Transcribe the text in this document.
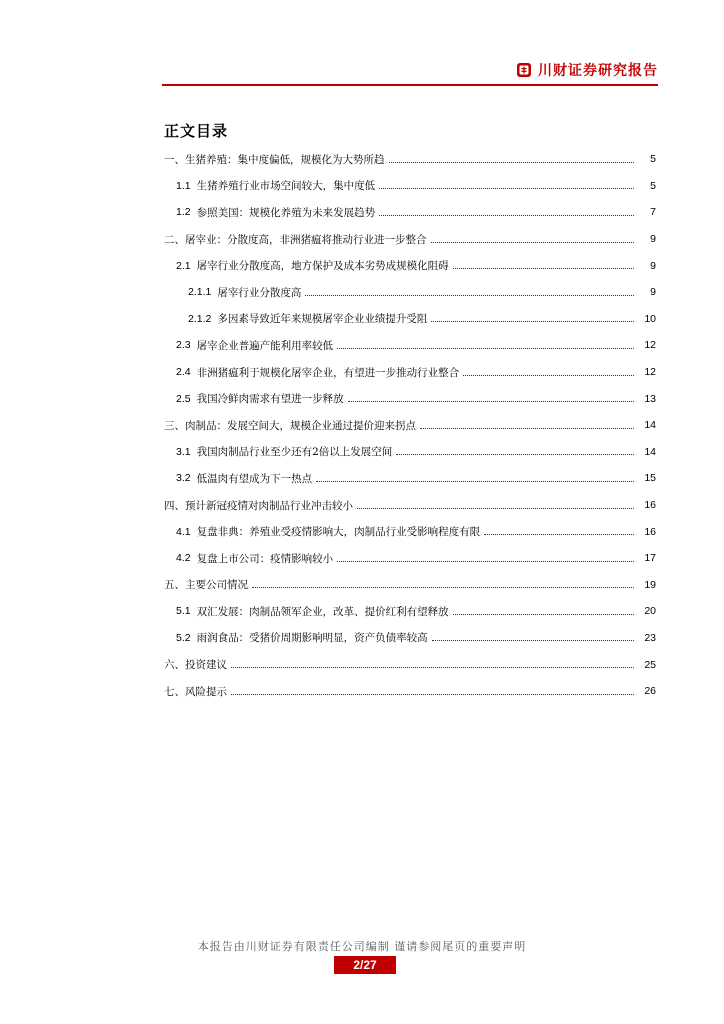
川财证券研究报告
正文目录
一、生猪养殖：集中度偏低，规模化为大势所趋	5
1.1 生猪养殖行业市场空间较大，集中度低	5
1.2 参照美国：规模化养殖为未来发展趋势	7
二、屠宰业：分散度高，非洲猪瘟将推动行业进一步整合	9
2.1 屠宰行业分散度高，地方保护及成本劣势成规模化阻碍	9
2.1.1 屠宰行业分散度高	9
2.1.2 多因素导致近年来规模屠宰企业业绩提升受阻	10
2.3 屠宰企业普遍产能利用率较低	12
2.4 非洲猪瘟利于规模化屠宰企业，有望进一步推动行业整合	12
2.5 我国冷鲜肉需求有望进一步释放	13
三、肉制品：发展空间大，规模企业通过提价迎来拐点	14
3.1 我国肉制品行业至少还有2倍以上发展空间	14
3.2 低温肉有望成为下一热点	15
四、预计新冠疫情对肉制品行业冲击较小	16
4.1 复盘非典：养殖业受疫情影响大，肉制品行业受影响程度有限	16
4.2 复盘上市公司：疫情影响较小	17
五、主要公司情况	19
5.1 双汇发展：肉制品领军企业，改革、提价红利有望释放	20
5.2 雨润食品：受猪价周期影响明显，资产负债率较高	23
六、投资建议	25
七、风险提示	26
本报告由川财证券有限责任公司编制 谨请参阅尾页的重要声明
2/27
